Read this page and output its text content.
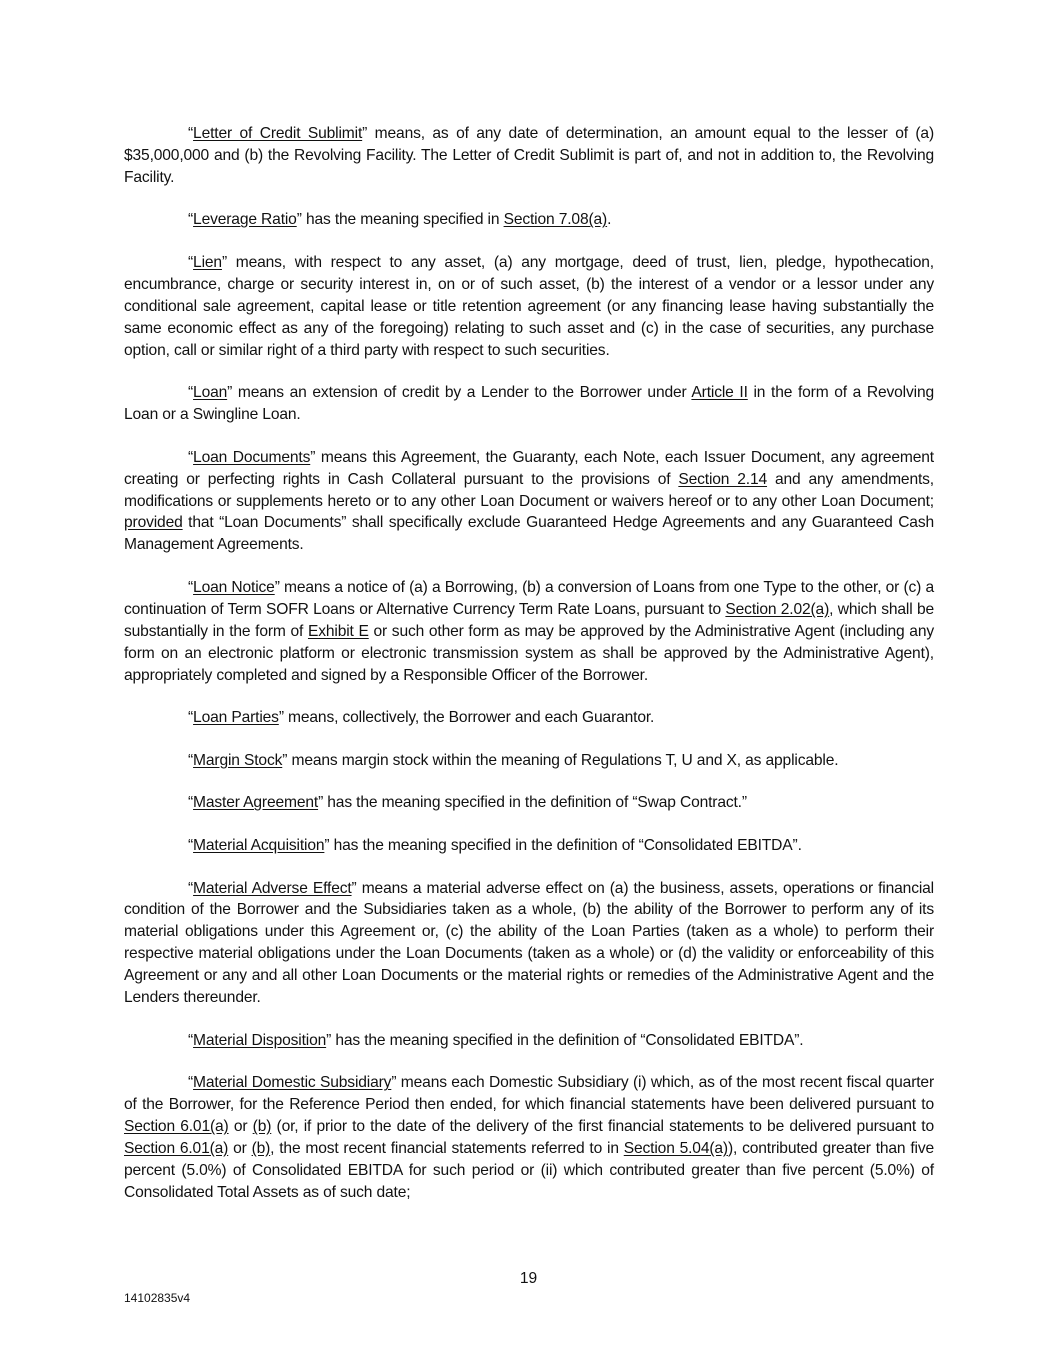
“Letter of Credit Sublimit” means, as of any date of determination, an amount equal to the lesser of (a) $35,000,000 and (b) the Revolving Facility. The Letter of Credit Sublimit is part of, and not in addition to, the Revolving Facility.

“Leverage Ratio” has the meaning specified in Section 7.08(a).

“Lien” means, with respect to any asset, (a) any mortgage, deed of trust, lien, pledge, hypothecation, encumbrance, charge or security interest in, on or of such asset, (b) the interest of a vendor or a lessor under any conditional sale agreement, capital lease or title retention agreement (or any financing lease having substantially the same economic effect as any of the foregoing) relating to such asset and (c) in the case of securities, any purchase option, call or similar right of a third party with respect to such securities.

“Loan” means an extension of credit by a Lender to the Borrower under Article II in the form of a Revolving Loan or a Swingline Loan.

“Loan Documents” means this Agreement, the Guaranty, each Note, each Issuer Document, any agreement creating or perfecting rights in Cash Collateral pursuant to the provisions of Section 2.14 and any amendments, modifications or supplements hereto or to any other Loan Document or waivers hereof or to any other Loan Document; provided that “Loan Documents” shall specifically exclude Guaranteed Hedge Agreements and any Guaranteed Cash Management Agreements.

“Loan Notice” means a notice of (a) a Borrowing, (b) a conversion of Loans from one Type to the other, or (c) a continuation of Term SOFR Loans or Alternative Currency Term Rate Loans, pursuant to Section 2.02(a), which shall be substantially in the form of Exhibit E or such other form as may be approved by the Administrative Agent (including any form on an electronic platform or electronic transmission system as shall be approved by the Administrative Agent), appropriately completed and signed by a Responsible Officer of the Borrower.

“Loan Parties” means, collectively, the Borrower and each Guarantor.

“Margin Stock” means margin stock within the meaning of Regulations T, U and X, as applicable.

“Master Agreement” has the meaning specified in the definition of “Swap Contract.”

“Material Acquisition” has the meaning specified in the definition of “Consolidated EBITDA”.

“Material Adverse Effect” means a material adverse effect on (a) the business, assets, operations or financial condition of the Borrower and the Subsidiaries taken as a whole, (b) the ability of the Borrower to perform any of its material obligations under this Agreement or, (c) the ability of the Loan Parties (taken as a whole) to perform their respective material obligations under the Loan Documents (taken as a whole) or (d) the validity or enforceability of this Agreement or any and all other Loan Documents or the material rights or remedies of the Administrative Agent and the Lenders thereunder.

“Material Disposition” has the meaning specified in the definition of “Consolidated EBITDA”.

“Material Domestic Subsidiary” means each Domestic Subsidiary (i) which, as of the most recent fiscal quarter of the Borrower, for the Reference Period then ended, for which financial statements have been delivered pursuant to Section 6.01(a) or (b) (or, if prior to the date of the delivery of the first financial statements to be delivered pursuant to Section 6.01(a) or (b), the most recent financial statements referred to in Section 5.04(a)), contributed greater than five percent (5.0%) of Consolidated EBITDA for such period or (ii) which contributed greater than five percent (5.0%) of Consolidated Total Assets as of such date;

19
14102835v4
